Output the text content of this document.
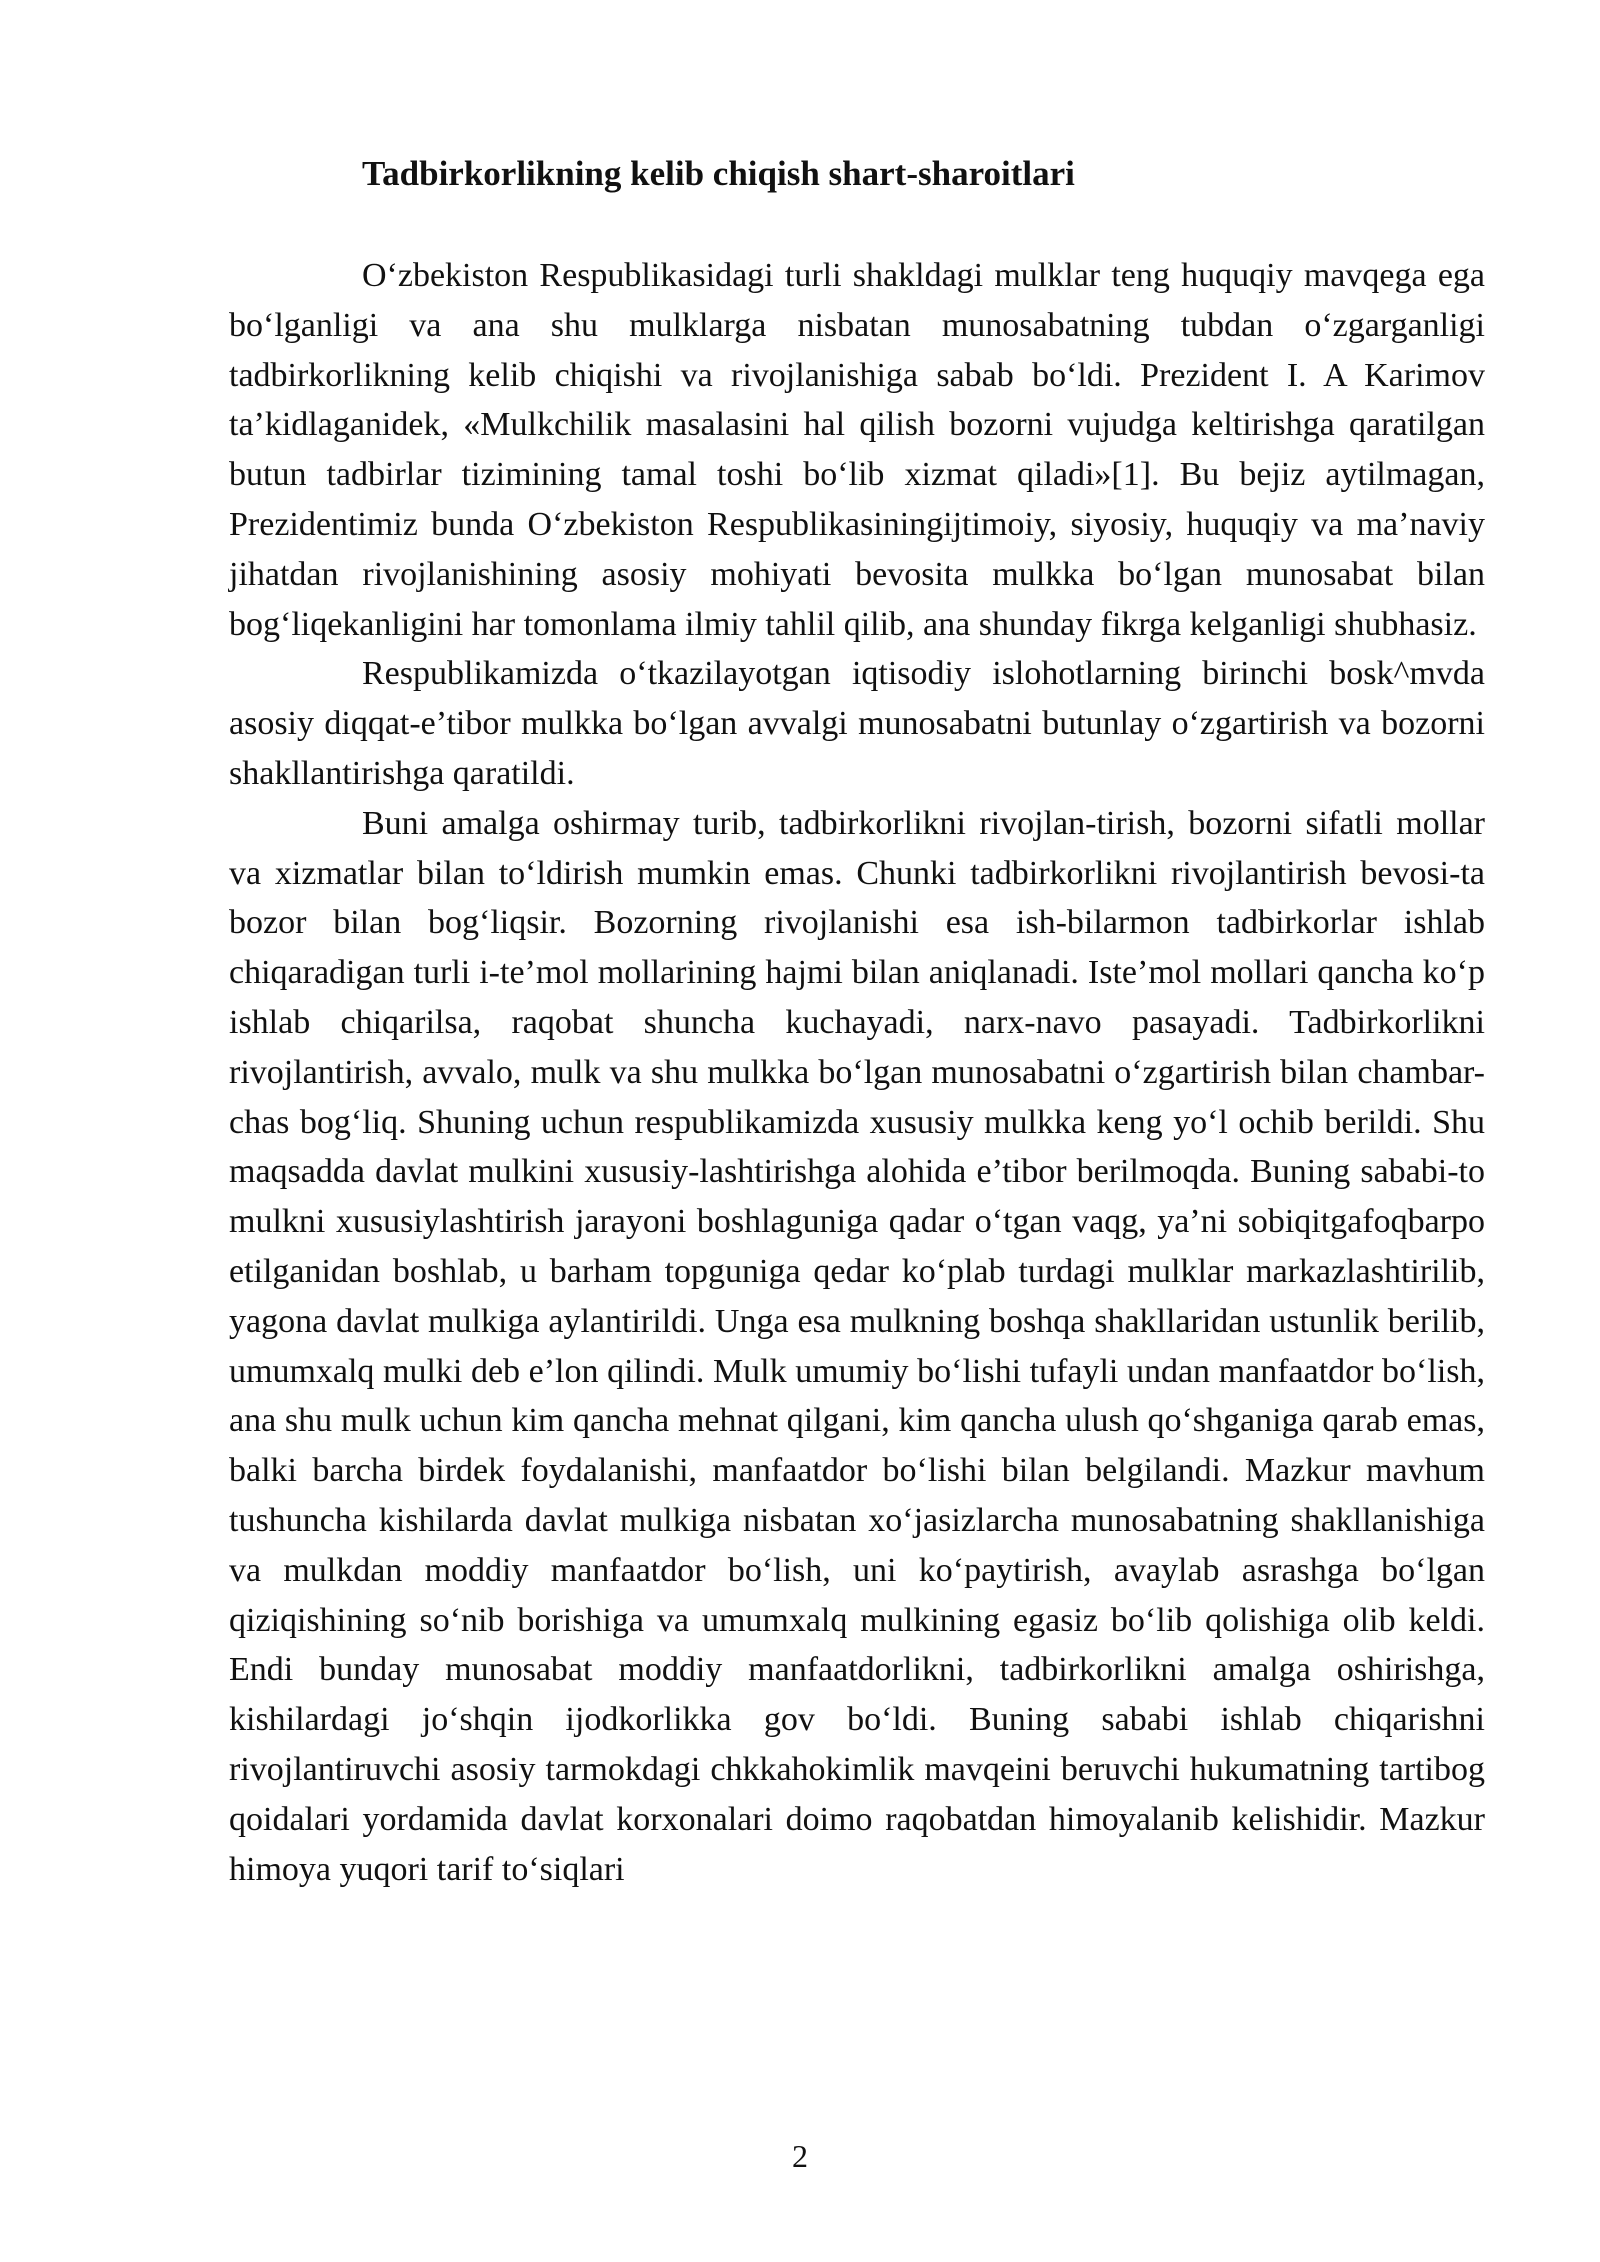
Tadbirkorlikning kelib chiqish shart-sharoitlari

O‘zbekiston Respublikasidagi turli shakldagi mulklar teng huquqiy mavqega ega bo‘lganligi va ana shu mulklarga nisbatan munosabatning tubdan o‘zgarganligi tadbirkorlikning kelib chiqishi va rivojlanishiga sabab bo‘ldi. Prezident I. A Karimov ta’kidlaganidek, «Mulkchilik masalasini hal qilish bozorni vujudga keltirishga qaratilgan butun tadbirlar tizimining tamal toshi bo‘lib xizmat qiladi»[1]. Bu bejiz aytilmagan, Prezidentimiz bunda O‘zbekiston Respublikasiningijtimoiy, siyosiy, huquqiy va ma’naviy jihatdan rivojlanishining asosiy mohiyati bevosita mulkka bo‘lgan munosabat bilan bog‘liqekanligini har tomonlama ilmiy tahlil qilib, ana shunday fikrga kelganligi shubhasiz.

Respublikamizda o‘tkazilayotgan iqtisodiy islohotlarning birinchi bosk^mvda asosiy diqqat-e’tibor mulkka bo‘lgan avvalgi munosabatni butunlay o‘zgartirish va bozorni shakllantirishga qaratildi.

Buni amalga oshirmay turib, tadbirkorlikni rivojlan-tirish, bozorni sifatli mollar va xizmatlar bilan to‘ldirish mumkin emas. Chunki tadbirkorlikni rivojlantirish bevosi-ta bozor bilan bog‘liqsir. Bozorning rivojlanishi esa ish-bilarmon tadbirkorlar ishlab chiqaradigan turli i-te’mol mollarining hajmi bilan aniqlanadi. Iste’mol mollari qancha ko‘p ishlab chiqarilsa, raqobat shuncha kuchayadi, narx-navo pasayadi. Tadbirkorlikni rivojlantirish, avvalo, mulk va shu mulkka bo‘lgan munosabatni o‘zgartirish bilan chambar-chas bog‘liq. Shuning uchun respublikamizda xususiy mulkka keng yo‘l ochib berildi. Shu maqsadda davlat mulkini xususiy-lashtirishga alohida e’tibor berilmoqda. Buning sababi-to mulkni xususiylashtirish jarayoni boshlaguniga qadar o‘tgan vaqg, ya’ni sobiqitgafoqbarpo etilganidan boshlab, u barham topguniga qedar ko‘plab turdagi mulklar markazlashtirilib, yagona davlat mulkiga aylantirildi. Unga esa mulkning boshqa shakllaridan ustunlik berilib, umumxalq mulki deb e’lon qilindi. Mulk umumiy bo‘lishi tufayli undan manfaatdor bo‘lish, ana shu mulk uchun kim qancha mehnat qilgani, kim qancha ulush qo‘shganiga qarab emas, balki barcha birdek foydalanishi, manfaatdor bo‘lishi bilan belgilandi. Mazkur mavhum tushuncha kishilarda davlat mulkiga nisbatan xo‘jasizlarcha munosabatning shakllanishiga va mulkdan moddiy manfaatdor bo‘lish, uni ko‘paytirish, avaylab asrashga bo‘lgan qiziqishining so‘nib borishiga va umumxalq mulkining egasiz bo‘lib qolishiga olib keldi. Endi bunday munosabat moddiy manfaatdorlikni, tadbirkorlikni amalga oshirishga, kishilardagi jo‘shqin ijodkorlikka gov bo‘ldi. Buning sababi ishlab chiqarishni rivojlantiruvchi asosiy tarmokdagi chkkahokimlik mavqeini beruvchi hukumatning tartibog qoidalari yordamida davlat korxonalari doimo raqobatdan himoyalanib kelishidir. Mazkur himoya yuqori tarif to‘siqlari

2
